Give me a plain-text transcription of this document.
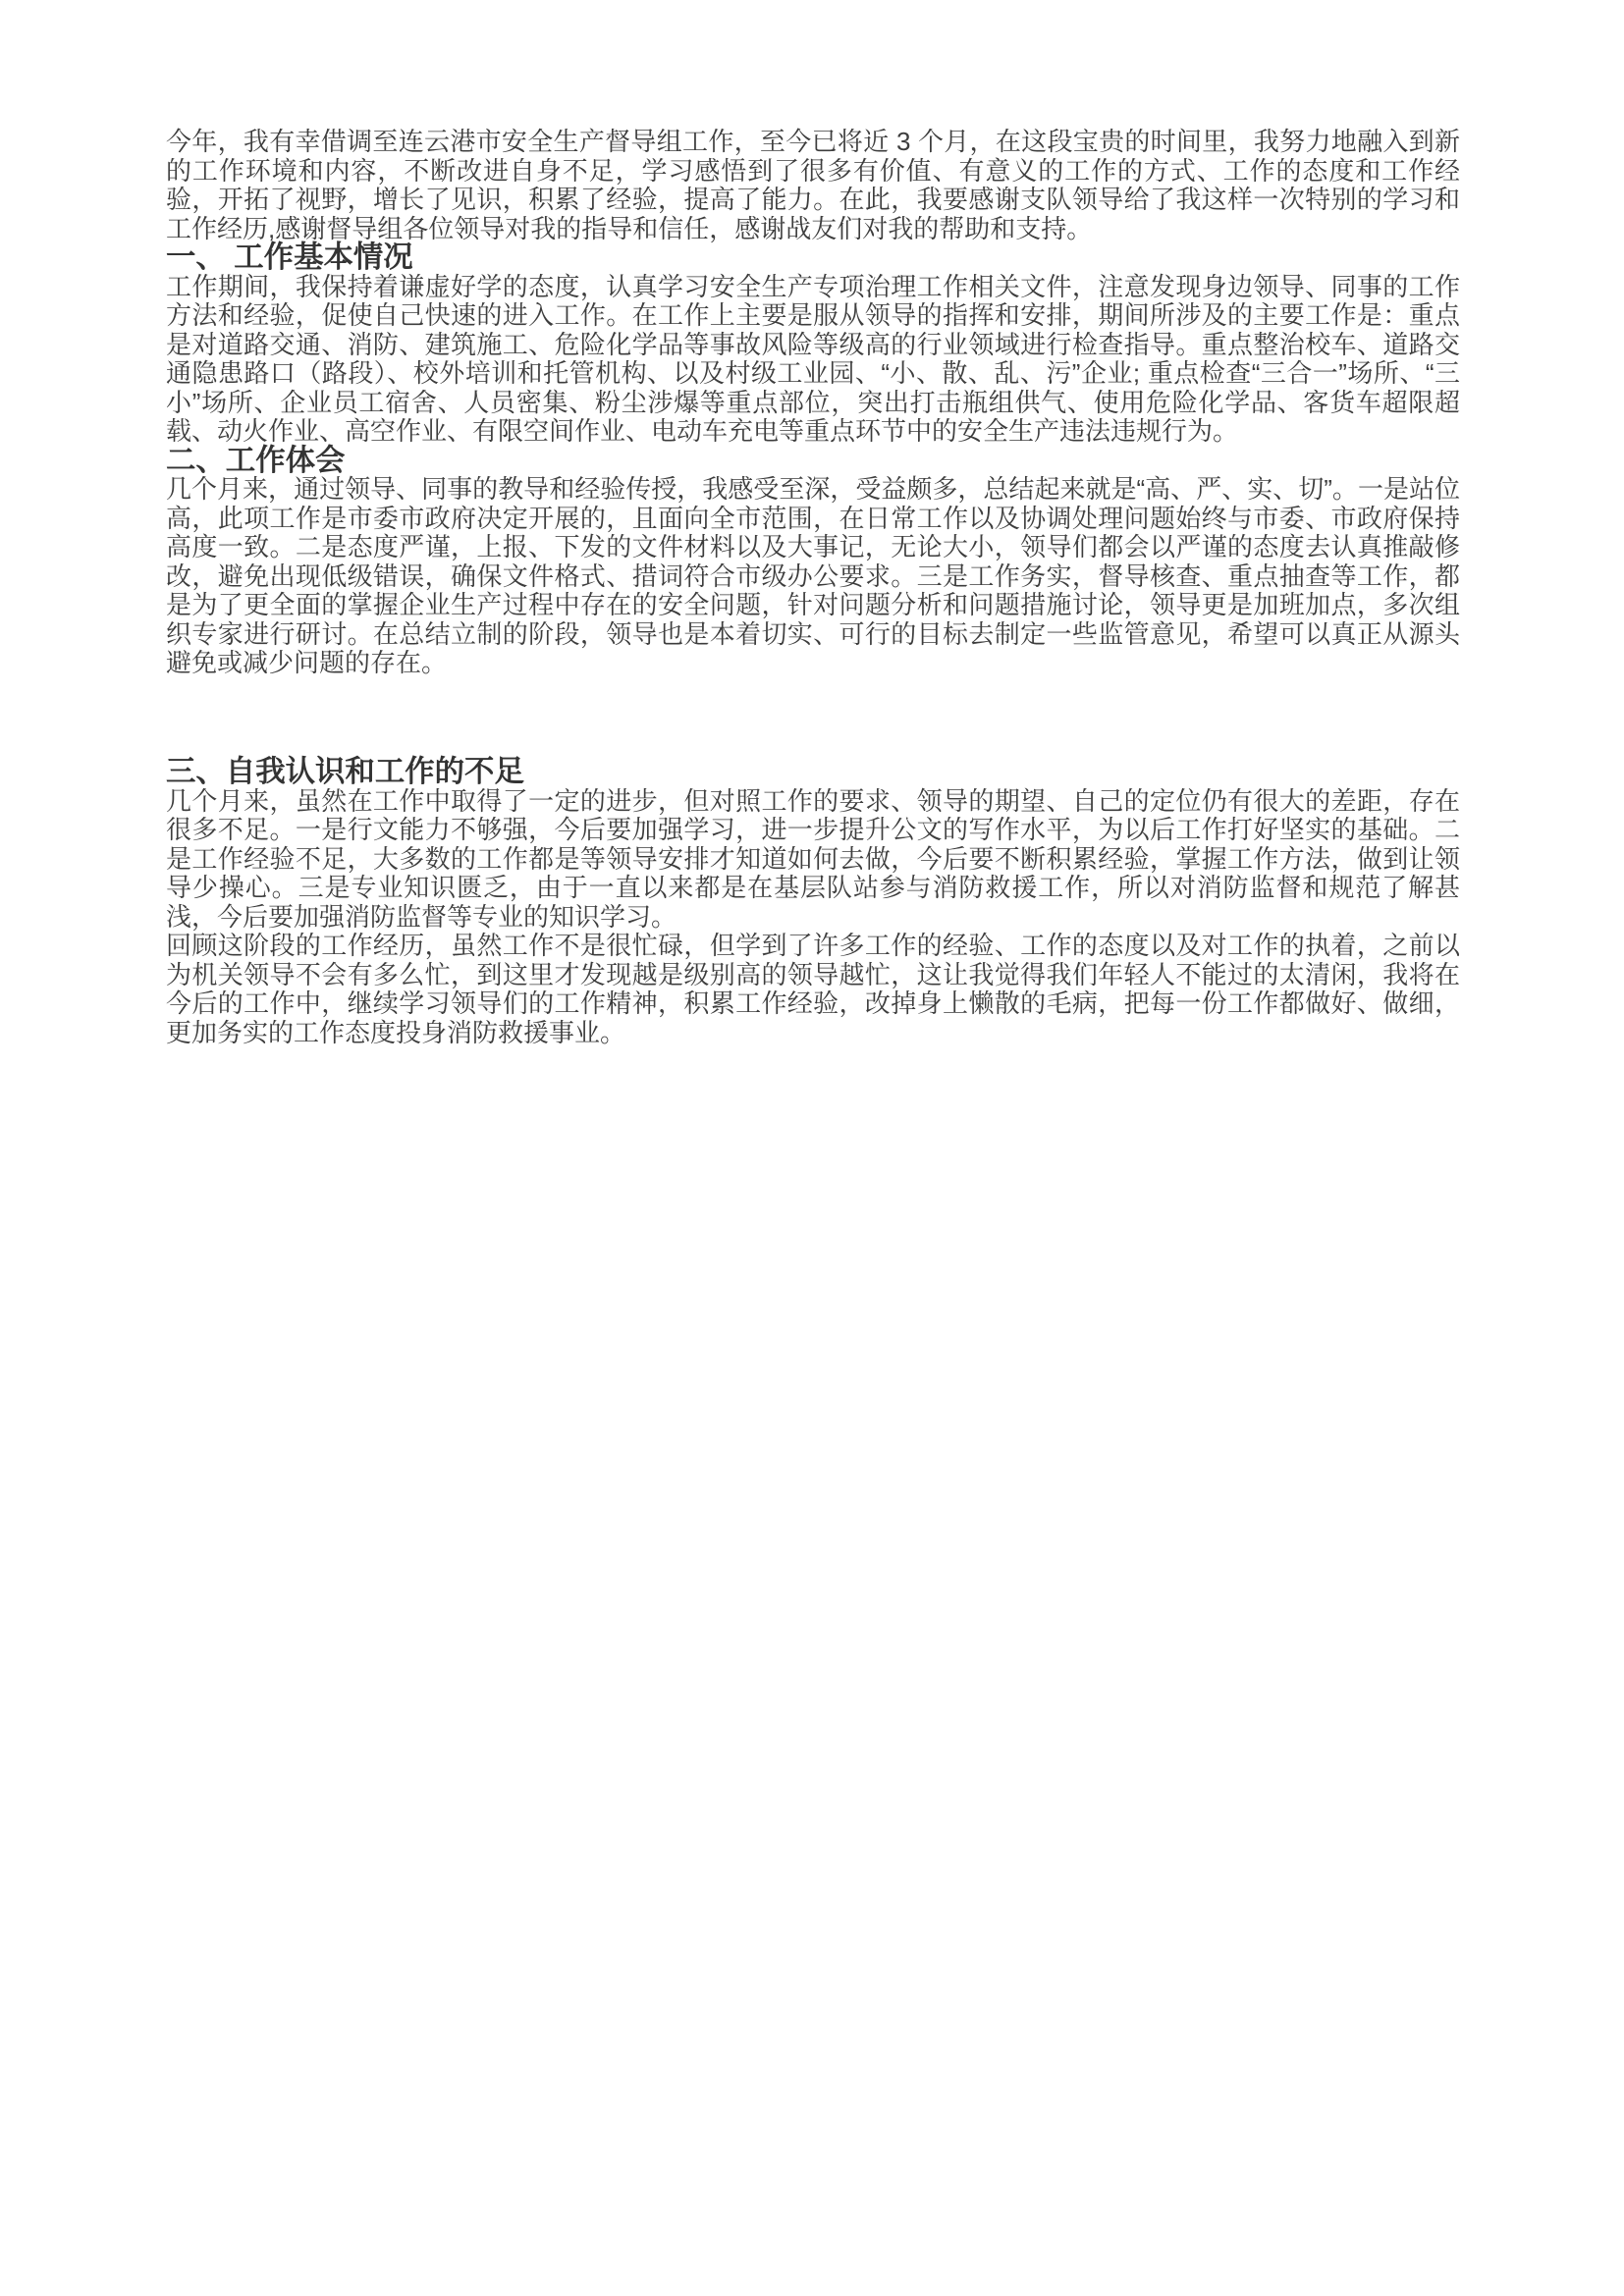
今年，我有幸借调至连云港市安全生产督导组工作，至今已将近 3 个月，在这段宝贵的时间里，我努力地融入到新的工作环境和内容，不断改进自身不足，学习感悟到了很多有价值、有意义的工作的方式、工作的态度和工作经验，开拓了视野，增长了见识，积累了经验，提高了能力。在此，我要感谢支队领导给了我这样一次特别的学习和工作经历,感谢督导组各位领导对我的指导和信任，感谢战友们对我的帮助和支持。

一、 工作基本情况

工作期间，我保持着谦虚好学的态度，认真学习安全生产专项治理工作相关文件，注意发现身边领导、同事的工作方法和经验，促使自己快速的进入工作。在工作上主要是服从领导的指挥和安排，期间所涉及的主要工作是：重点是对道路交通、消防、建筑施工、危险化学品等事故风险等级高的行业领域进行检查指导。重点整治校车、道路交通隐患路口（路段）、校外培训和托管机构、以及村级工业园、“小、散、乱、污”企业; 重点检查“三合一”场所、“三小”场所、企业员工宿舍、人员密集、粉尘涉爆等重点部位，突出打击瓶组供气、使用危险化学品、客货车超限超载、动火作业、高空作业、有限空间作业、电动车充电等重点环节中的安全生产违法违规行为。

二、工作体会

几个月来，通过领导、同事的教导和经验传授，我感受至深，受益颇多，总结起来就是“高、严、实、切”。一是站位高，此项工作是市委市政府决定开展的，且面向全市范围，在日常工作以及协调处理问题始终与市委、市政府保持高度一致。二是态度严谨，上报、下发的文件材料以及大事记，无论大小，领导们都会以严谨的态度去认真推敲修改，避免出现低级错误，确保文件格式、措词符合市级办公要求。三是工作务实，督导核查、重点抽查等工作，都是为了更全面的掌握企业生产过程中存在的安全问题，针对问题分析和问题措施讨论，领导更是加班加点，多次组织专家进行研讨。在总结立制的阶段，领导也是本着切实、可行的目标去制定一些监管意见，希望可以真正从源头避免或减少问题的存在。

三、自我认识和工作的不足

几个月来，虽然在工作中取得了一定的进步，但对照工作的要求、领导的期望、自己的定位仍有很大的差距，存在很多不足。一是行文能力不够强，今后要加强学习，进一步提升公文的写作水平，为以后工作打好坚实的基础。二是工作经验不足，大多数的工作都是等领导安排才知道如何去做，今后要不断积累经验，掌握工作方法，做到让领导少操心。三是专业知识匮乏，由于一直以来都是在基层队站参与消防救援工作，所以对消防监督和规范了解甚浅，今后要加强消防监督等专业的知识学习。

回顾这阶段的工作经历，虽然工作不是很忙碌，但学到了许多工作的经验、工作的态度以及对工作的执着，之前以为机关领导不会有多么忙，到这里才发现越是级别高的领导越忙，这让我觉得我们年轻人不能过的太清闲，我将在今后的工作中，继续学习领导们的工作精神，积累工作经验，改掉身上懒散的毛病，把每一份工作都做好、做细，更加务实的工作态度投身消防救援事业。
